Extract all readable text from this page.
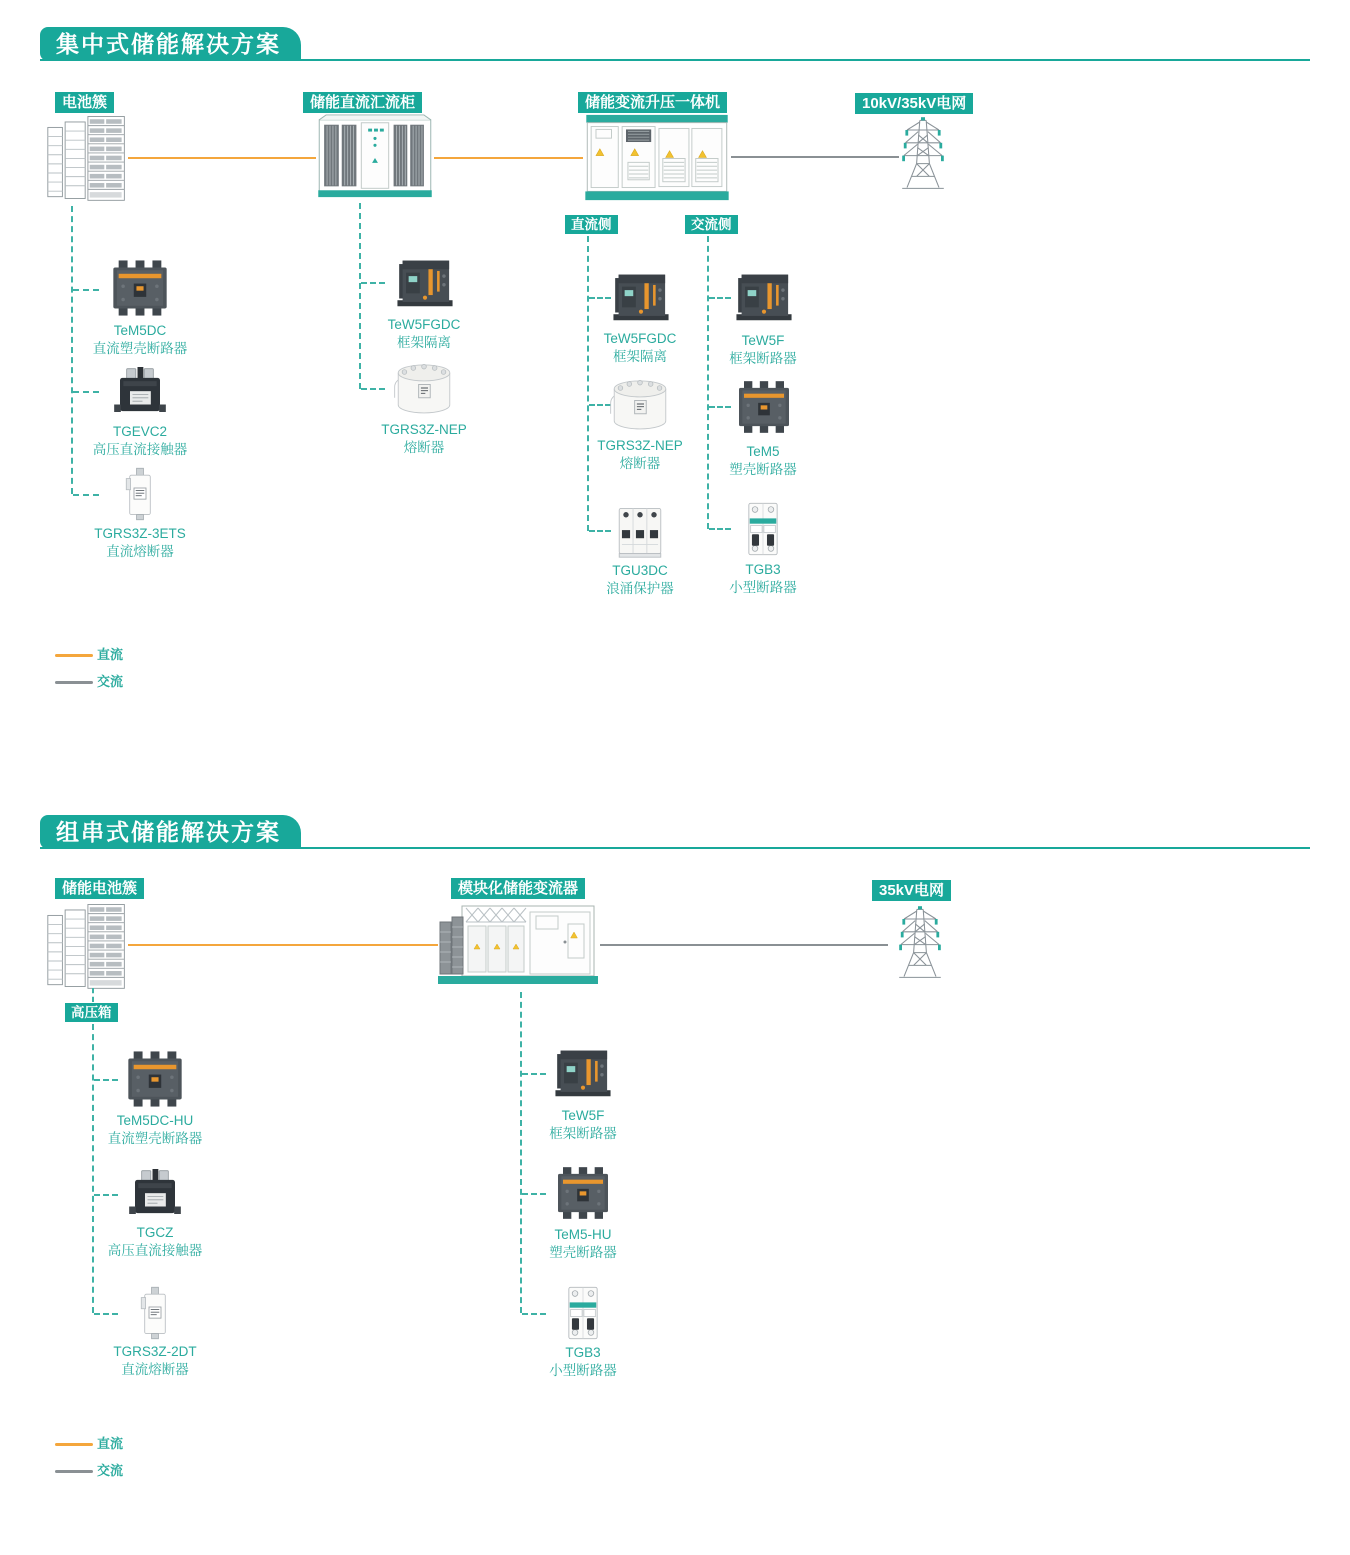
集中式储能解决方案
电池簇	储能直流汇流柜	储能变流升压一体机	10kV/35kV电网
直流侧	交流侧
TeM5DC
直流塑壳断路器
TGEVC2
高压直流接触器
TGRS3Z-3ETS
直流熔断器
TeW5FGDC
框架隔离
TGRS3Z-NEP
熔断器
TeW5FGDC
框架隔离
TGRS3Z-NEP
熔断器
TGU3DC
浪涌保护器
TeW5F
框架断路器
TeM5
塑壳断路器
TGB3
小型断路器
直流
交流
组串式储能解决方案
储能电池簇	模块化储能变流器	35kV电网
高压箱
TeM5DC-HU
直流塑壳断路器
TGCZ
高压直流接触器
TGRS3Z-2DT
直流熔断器
TeW5F
框架断路器
TeM5-HU
塑壳断路器
TGB3
小型断路器
直流
交流
